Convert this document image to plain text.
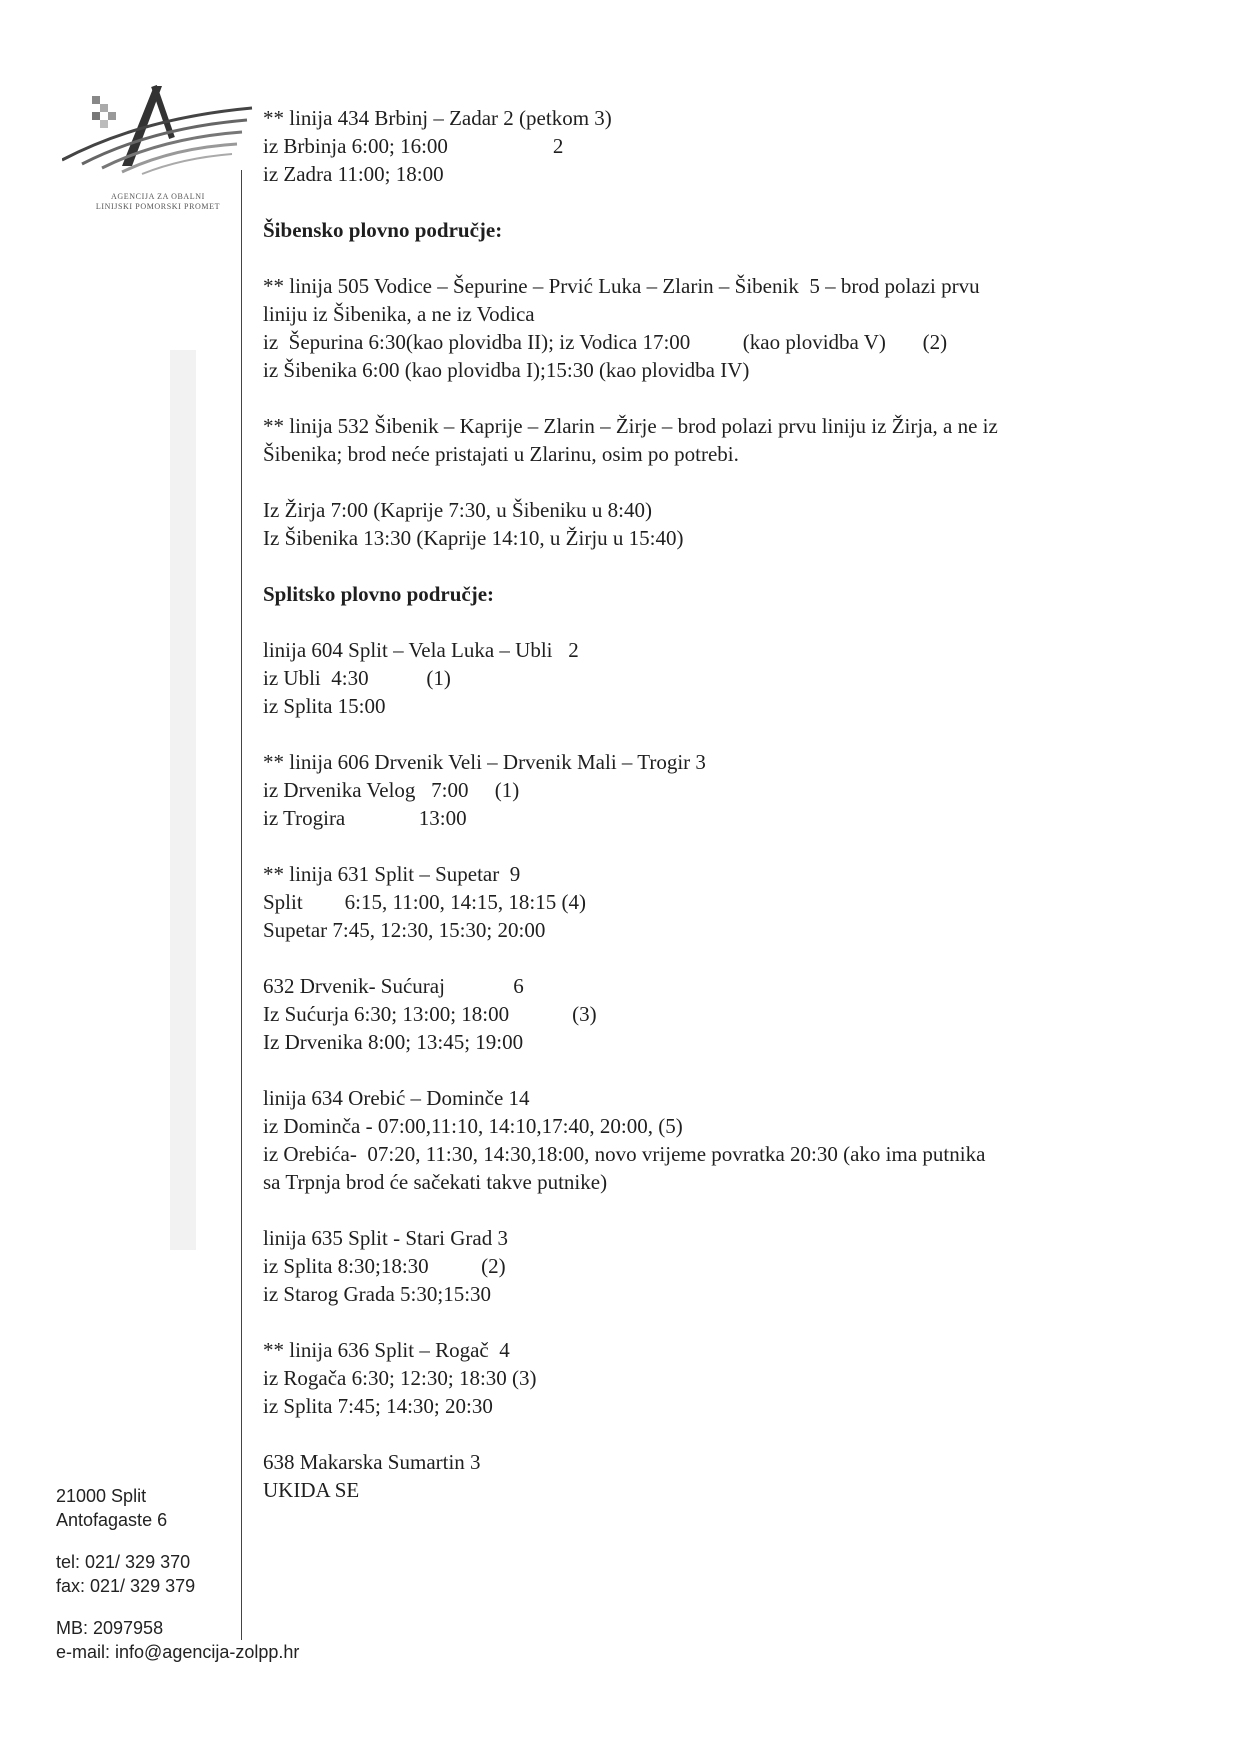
AGENCIJA ZA OBALNI
LINIJSKI POMORSKI PROMET
** linija 434 Brbinj – Zadar 2 (petkom 3)
iz Brbinja 6:00; 16:00                    2
iz Zadra 11:00; 18:00
Šibensko plovno područje:
** linija 505 Vodice – Šepurine – Prvić Luka – Zlarin – Šibenik  5 – brod polazi prvu
liniju iz Šibenika, a ne iz Vodica
iz  Šepurina 6:30(kao plovidba II); iz Vodica 17:00          (kao plovidba V)       (2)
iz Šibenika 6:00 (kao plovidba I);15:30 (kao plovidba IV)
** linija 532 Šibenik – Kaprije – Zlarin – Žirje – brod polazi prvu liniju iz Žirja, a ne iz
Šibenika; brod neće pristajati u Zlarinu, osim po potrebi.
Iz Žirja 7:00 (Kaprije 7:30, u Šibeniku u 8:40)
Iz Šibenika 13:30 (Kaprije 14:10, u Žirju u 15:40)
Splitsko plovno područje:
linija 604 Split – Vela Luka – Ubli   2
iz Ubli  4:30           (1)
iz Splita 15:00
** linija 606 Drvenik Veli – Drvenik Mali – Trogir 3
iz Drvenika Velog   7:00     (1)
iz Trogira              13:00
** linija 631 Split – Supetar  9
Split        6:15, 11:00, 14:15, 18:15 (4)
Supetar 7:45, 12:30, 15:30; 20:00
632 Drvenik- Sućuraj             6
Iz Sućurja 6:30; 13:00; 18:00            (3)
Iz Drvenika 8:00; 13:45; 19:00
linija 634 Orebić – Dominče 14
iz Dominča - 07:00,11:10, 14:10,17:40, 20:00, (5)
iz Orebića-  07:20, 11:30, 14:30,18:00, novo vrijeme povratka 20:30 (ako ima putnika
sa Trpnja brod će sačekati takve putnike)
linija 635 Split - Stari Grad 3
iz Splita 8:30;18:30          (2)
iz Starog Grada 5:30;15:30
** linija 636 Split – Rogač  4
iz Rogača 6:30; 12:30; 18:30 (3)
iz Splita 7:45; 14:30; 20:30
638 Makarska Sumartin 3
UKIDA SE
21000 Split
Antofagaste 6
tel: 021/ 329 370
fax: 021/ 329 379
MB: 2097958
e-mail: info@agencija-zolpp.hr
